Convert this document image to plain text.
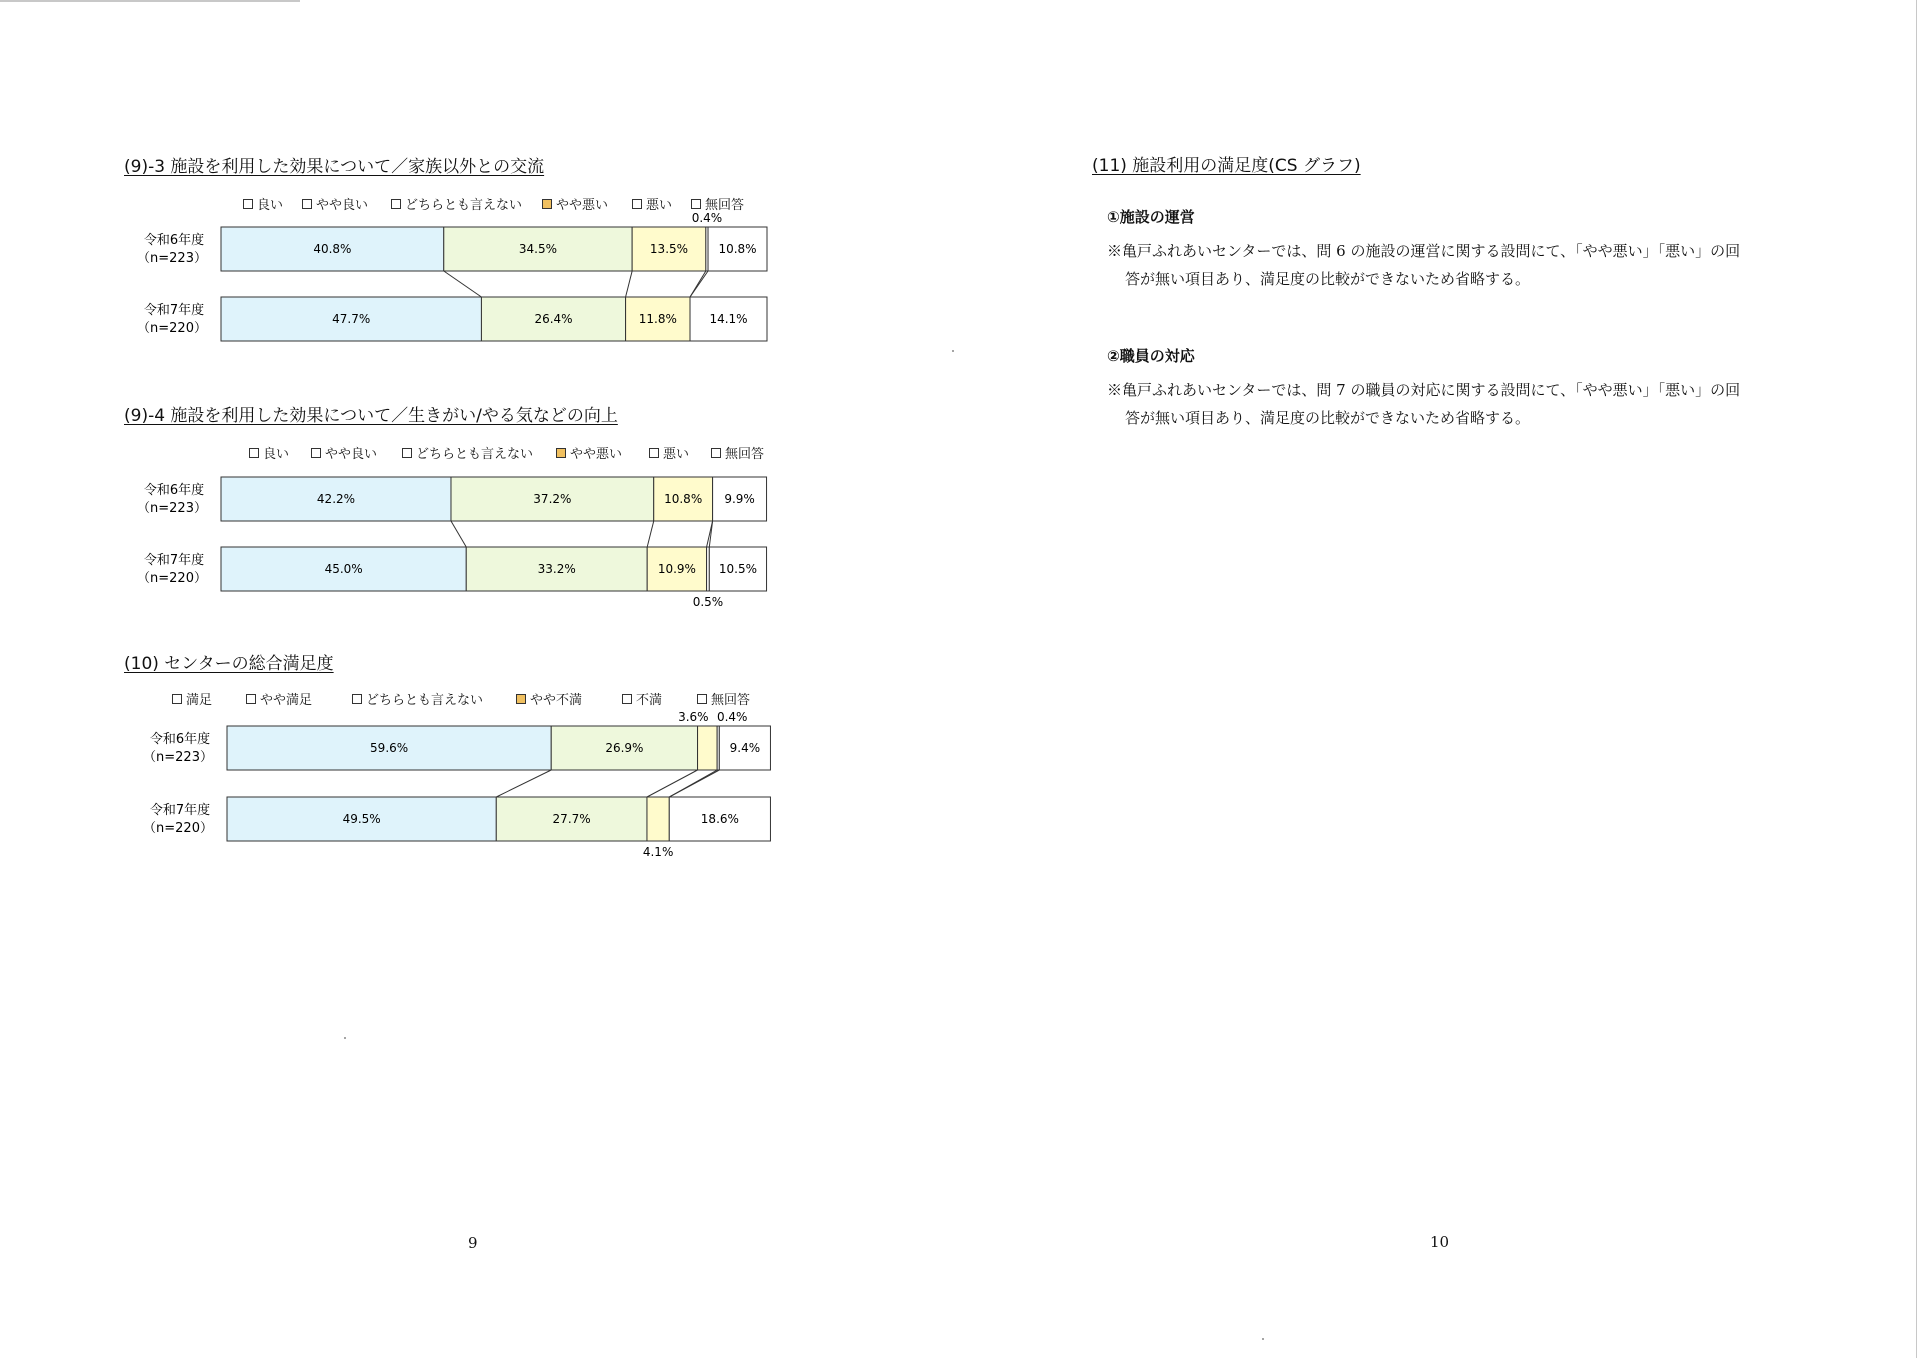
(9)-3 施設を利用した効果について／家族以外との交流
良い	やや良い	どちらとも言えない	やや悪い	悪い	無回答
令和6年度
（n=223）
40.8%	34.5%	13.5%	10.8%
令和7年度
（n=220）
47.7%	26.4%	11.8%	14.1%
0.4%
(9)-4 施設を利用した効果について／生きがい/やる気などの向上
良い	やや良い	どちらとも言えない	やや悪い	悪い	無回答
令和6年度
（n=223）
42.2%	37.2%	10.8% 9.9%
令和7年度
（n=220）
45.0%	33.2%	10.9% 10.5%
0.5%
(10) センターの総合満足度
満足	やや満足	どちらとも言えない	やや不満	不満	無回答
令和6年度
（n=223）
59.6%	26.9%	9.4%
令和7年度
（n=220）
49.5%	27.7%	18.6%
3.6% 0.4%
4.1%
9
(11) 施設利用の満足度(CS グラフ)
①施設の運営
※亀戸ふれあいセンターでは、問 6 の施設の運営に関する設問にて、「やや悪い」「悪い」の回
答が無い項目あり、満足度の比較ができないため省略する。
②職員の対応
※亀戸ふれあいセンターでは、問 7 の職員の対応に関する設問にて、「やや悪い」「悪い」の回
答が無い項目あり、満足度の比較ができないため省略する。
10
